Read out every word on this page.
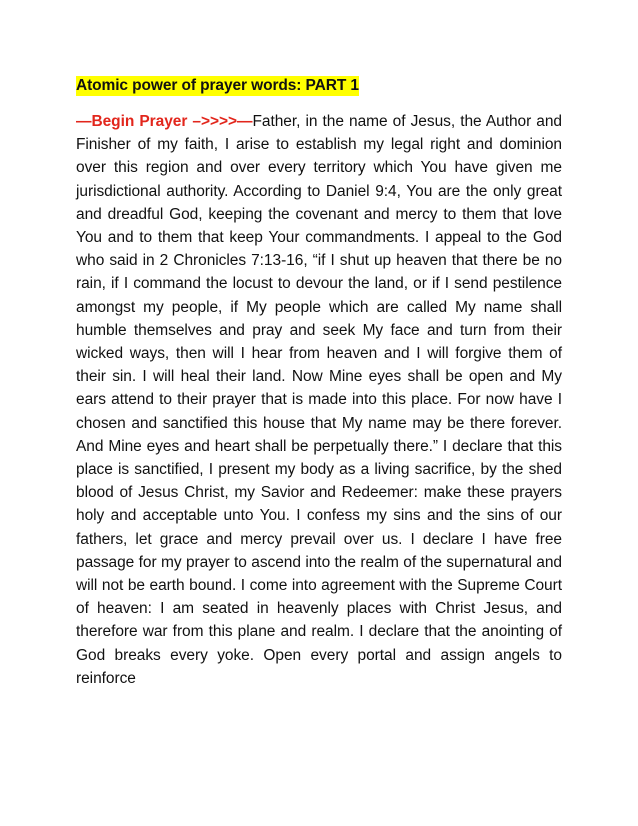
Atomic power of prayer words: PART 1

—Begin Prayer –>>>>—Father, in the name of Jesus, the Author and Finisher of my faith, I arise to establish my legal right and dominion over this region and over every territory which You have given me jurisdictional authority. According to Daniel 9:4, You are the only great and dreadful God, keeping the covenant and mercy to them that love You and to them that keep Your commandments. I appeal to the God who said in 2 Chronicles 7:13-16, “if I shut up heaven that there be no rain, if I command the locust to devour the land, or if I send pestilence amongst my people, if My people which are called My name shall humble themselves and pray and seek My face and turn from their wicked ways, then will I hear from heaven and I will forgive them of their sin. I will heal their land. Now Mine eyes shall be open and My ears attend to their prayer that is made into this place. For now have I chosen and sanctified this house that My name may be there forever. And Mine eyes and heart shall be perpetually there.” I declare that this place is sanctified, I present my body as a living sacrifice, by the shed blood of Jesus Christ, my Savior and Redeemer: make these prayers holy and acceptable unto You. I confess my sins and the sins of our fathers, let grace and mercy prevail over us. I declare I have free passage for my prayer to ascend into the realm of the supernatural and will not be earth bound. I come into agreement with the Supreme Court of heaven: I am seated in heavenly places with Christ Jesus, and therefore war from this plane and realm. I declare that the anointing of God breaks every yoke. Open every portal and assign angels to reinforce
